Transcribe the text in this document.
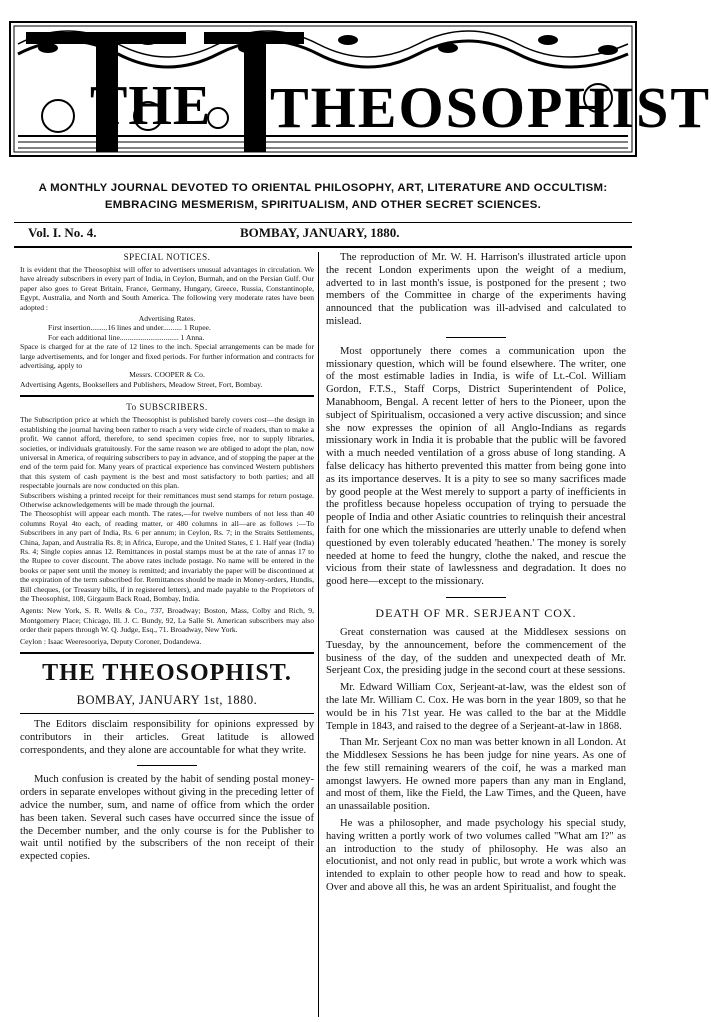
THE THEOSOPHIST
A MONTHLY JOURNAL DEVOTED TO ORIENTAL PHILOSOPHY, ART, LITERATURE AND OCCULTISM: EMBRACING MESMERISM, SPIRITUALISM, AND OTHER SECRET SCIENCES.
Vol. I. No. 4.	BOMBAY, JANUARY, 1880.
SPECIAL NOTICES.

It is evident that the Theosophist will offer to advertisers unusual advantages in circulation. We have already subscribers in every part of India, in Ceylon, Burmah, and on the Persian Gulf. Our paper also goes to Great Britain, France, Germany, Hungary, Greece, Russia, Constantinople, Egypt, Australia, and North and South America. The following very moderate rates have been adopted :

Advertising Rates.
First insertion.........16 lines and under.......... 1 Rupee.
For each additional line............................... 1 Anna.

Space is charged for at the rate of 12 lines to the inch. Special arrangements can be made for large advertisements, and for longer and fixed periods. For further information and contracts for advertising, apply to

Messrs. COOPER & Co.

Advertising Agents, Booksellers and Publishers, Meadow Street, Fort, Bombay.

To SUBSCRIBERS.

The Subscription price at which the Theosophist is published barely covers cost—the design in establishing the journal having been rather to reach a very wide circle of readers, than to make a profit. We cannot afford, therefore, to send specimen copies free, nor to supply libraries, societies, or individuals gratuitously. For the same reason we are obliged to adopt the plan, now universal in America, of requiring subscribers to pay in advance, and of stopping the paper at the end of the term paid for. Many years of practical experience has convinced Western publishers that this system of cash payment is the best and most satisfactory to both parties; and all respectable journals are now conducted on this plan.

Subscribers wishing a printed receipt for their remittances must send stamps for return postage. Otherwise acknowledgements will be made through the journal.

The Theosophist will appear each month. The rates,—for twelve numbers of not less than 40 columns Royal 4to each, of reading matter, or 480 columns in all—are as follows :—To Subscribers in any part of India, Rs. 6 per annum; in Ceylon, Rs. 7; in the Straits Settlements, China, Japan, and Australia Rs. 8; in Africa, Europe, and the United States, £ 1. Half year (India) Rs. 4; Single copies annas 12. Remittances in postal stamps must be at the rate of annas 17 to the Rupee to cover discount. The above rates include postage. No name will be entered in the books or paper sent until the money is remitted; and invariably the paper will be discontinued at the expiration of the term subscribed for. Remittances should be made in Money-orders, Hundis, Bill cheques, (or Treasury bills, if in registered letters), and made payable to the Proprietors of the Theosophist, 108, Girgaum Back Road, Bombay, India.

Agents: New York, S. R. Wells & Co., 737, Broadway; Boston, Mass, Colby and Rich, 9, Montgomery Place; Chicago, Ill. J. C. Bundy, 92, La Salle St. American subscribers may also order their papers through W. Q. Judge, Esq., 71. Broadway, New York.

Ceylon : Isaac Weeresooriya, Deputy Coroner, Dodandewa.

THE THEOSOPHIST.
BOMBAY, JANUARY 1st, 1880.

The Editors disclaim responsibility for opinions expressed by contributors in their articles. Great latitude is allowed correspondents, and they alone are accountable for what they write.

Much confusion is created by the habit of sending postal money-orders in separate envelopes without giving in the preceding letter of advice the number, sum, and name of office from which the order has been taken. Several such cases have occurred since the issue of the December number, and the only course is for the Publisher to wait until notified by the subscribers of the non receipt of their expected copies.

The reproduction of Mr. W. H. Harrison's illustrated article upon the recent London experiments upon the weight of a medium, adverted to in last month's issue, is postponed for the present ; two members of the Committee in charge of the experiments having announced that the publication was ill-advised and calculated to mislead.

Most opportunely there comes a communication upon the missionary question, which will be found elsewhere. The writer, one of the most estimable ladies in India, is wife of Lt.-Col. William Gordon, F.T.S., Staff Corps, District Superintendent of Police, Manabhoom, Bengal. A recent letter of hers to the Pioneer, upon the subject of Spiritualism, occasioned a very active discussion; and since she now expresses the opinion of all Anglo-Indians as regards missionary work in India it is probable that the public will be favored with a much needed ventilation of a gross abuse of long standing. A false delicacy has hitherto prevented this matter from being gone into as its importance deserves. It is a pity to see so many sacrifices made by good people at the West merely to support a party of inefficients in the profitless because hopeless occupation of trying to persuade the people of India and other Asiatic countries to relinquish their ancestral faith for one which the missionaries are utterly unable to defend when questioned by even tolerably educated 'heathen.' The money is sorely needed at home to feed the hungry, clothe the naked, and rescue the vicious from their state of lawlessness and degradation. It does no good here—except to the missionary.

DEATH OF MR. SERJEANT COX.

Great consternation was caused at the Middlesex sessions on Tuesday, by the announcement, before the commencement of the business of the day, of the sudden and unexpected death of Mr. Serjeant Cox, the presiding judge in the second court at these sessions.

Mr. Edward William Cox, Serjeant-at-law, was the eldest son of the late Mr. William C. Cox. He was born in the year 1809, so that he would be in his 71st year. He was called to the bar at the Middle Temple in 1843, and raised to the degree of a Serjeant-at-law in 1868.

Than Mr. Serjeant Cox no man was better known in all London. At the Middlesex Sessions he has been judge for nine years. As one of the few still remaining wearers of the coif, he was a marked man amongst lawyers. He owned more papers than any man in England, and most of them, like the Field, the Law Times, and the Queen, have an unassailable position.

He was a philosopher, and made psychology his special study, having written a portly work of two volumes called "What am I?" as an introduction to the study of philosophy. He was also an elocutionist, and not only read in public, but wrote a work which was intended to explain to other people how to read and how to speak. Over and above all this, he was an ardent Spiritualist, and fought the
